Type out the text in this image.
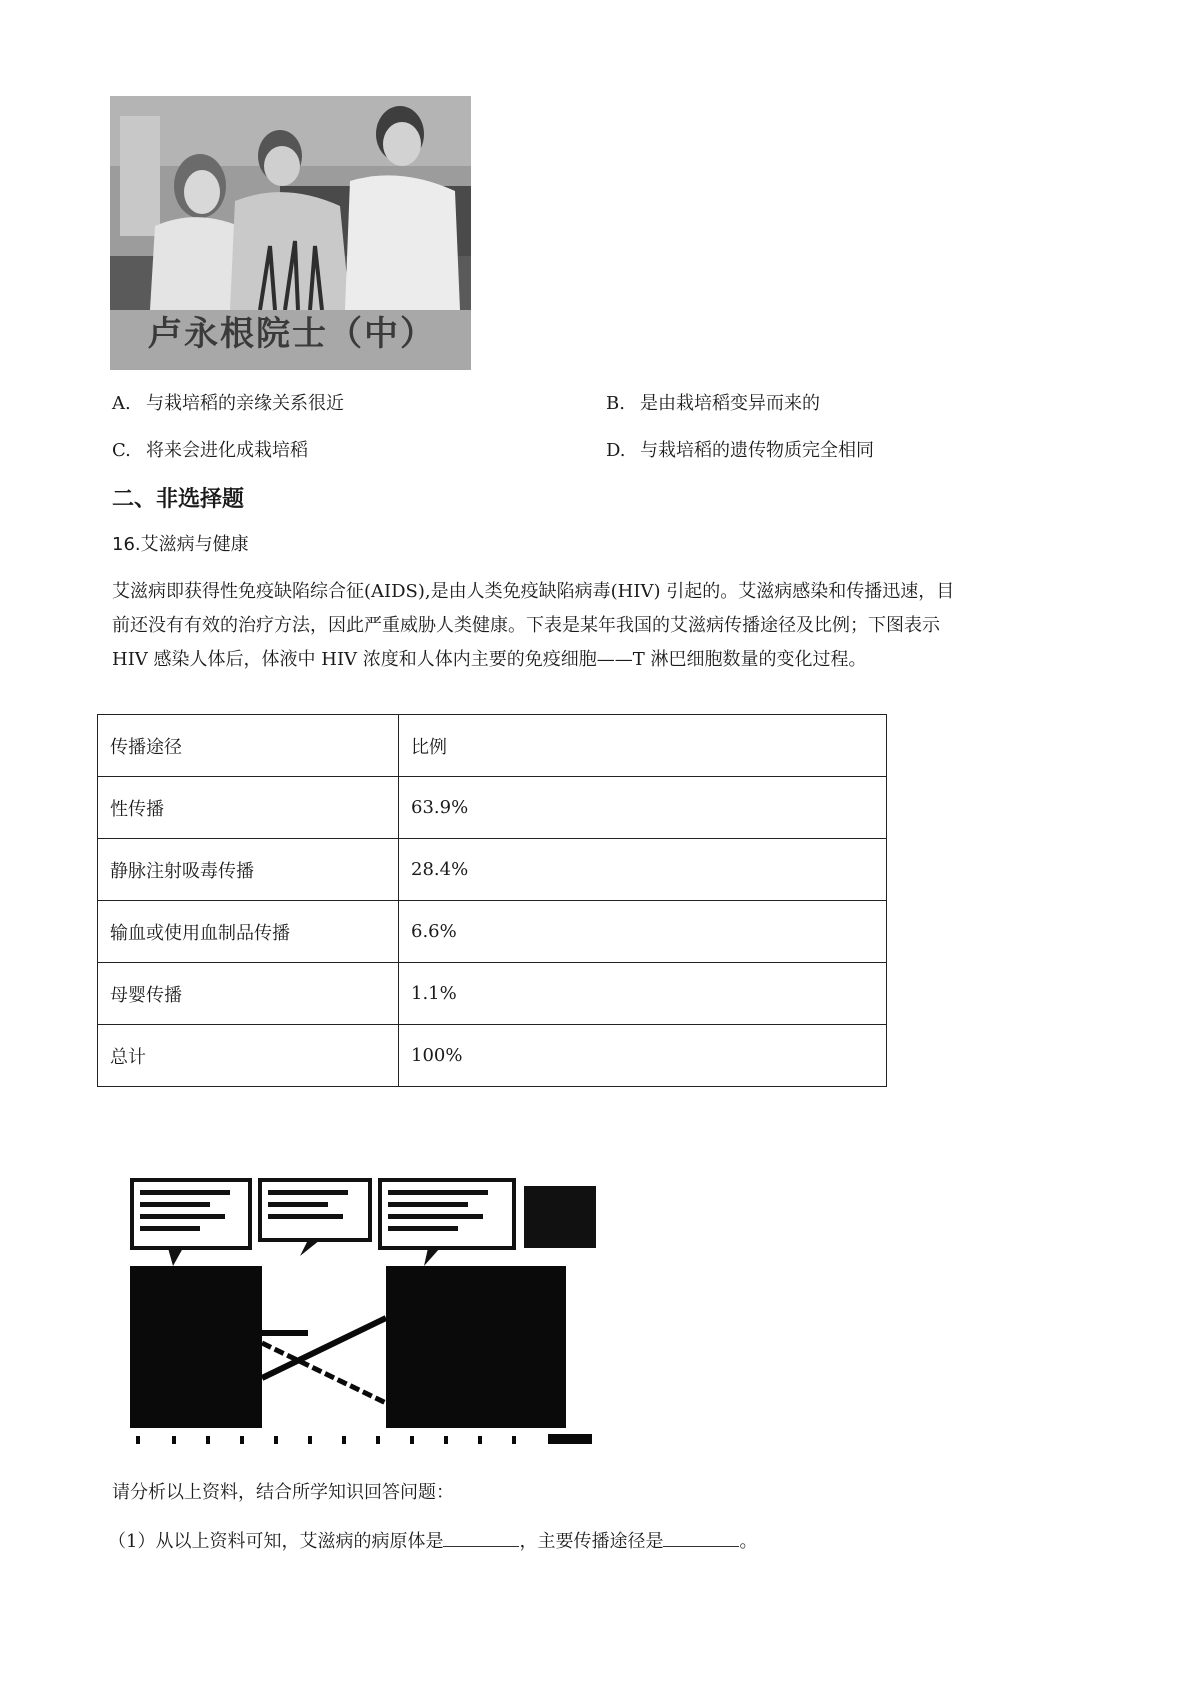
卢永根院士（中）
A. 与栽培稻的亲缘关系很近	B. 是由栽培稻变异而来的
C. 将来会进化成栽培稻	D. 与栽培稻的遗传物质完全相同
二、非选择题
16.艾滋病与健康

艾滋病即获得性免疫缺陷综合征(AIDS),是由人类免疫缺陷病毒(HIV) 引起的。艾滋病感染和传播迅速，目

前还没有有效的治疗方法，因此严重威胁人类健康。下表是某年我国的艾滋病传播途径及比例；下图表示

HIV 感染人体后，体液中 HIV 浓度和人体内主要的免疫细胞——T 淋巴细胞数量的变化过程。

传播途径	比例
性传播	63.9%
静脉注射吸毒传播	28.4%
输血或使用血制品传播	6.6%
母婴传播	1.1%
总计	100%
请分析以上资料，结合所学知识回答问题：
（1）从以上资料可知，艾滋病的病原体是	，主要传播途径是	。
